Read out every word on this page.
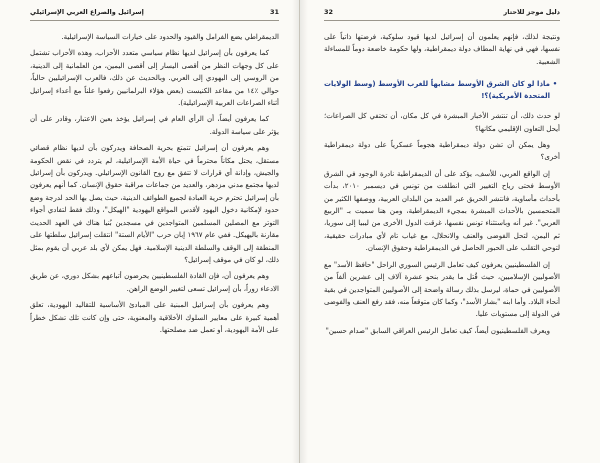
31
إسرائيل والصراع العربي الإسرائيلي

الديمقراطي يضع الفرامل والقيود والحدود على خيارات السياسة الإسرائيلية.

كما يعرفون بأن إسرائيل لديها نظام سياسي متعدد الأحزاب، وهذه الأحزاب تشتمل على كل وجهات النظر من أقصى اليسار إلى أقصى اليمين، من العلمانية إلى الدينية، من الروسي إلى اليهودي إلى العربي. وبالحديث عن ذلك، فالعرب الإسرائيليين حالياً، حوالي ٪١٤ من مقاعد الكنيست (بعض هؤلاء البرلمانيين رفعوا علناً مع أعداء إسرائيل أثناء الصراعات العربية الإسرائيلية).

كما يعرفون أيضاً، أن الرأي العام في إسرائيل يؤخذ بعين الاعتبار، وقادر على أن يؤثر على سياسة الدولة.

وهم يعرفون أن إسرائيل تتمتع بحرية الصحافة ويدركون بأن لديها نظام قضائي مستقل، يحتل مكاناً محترماً في حياة الأمة الإسرائيلية، لم يتردد في نقض الحكومة والجيش، وإدانة أي قرارات لا تتفق مع روح القانون الإسرائيلي. ويدركون بأن إسرائيل لديها مجتمع مدني مزدهر، والعديد من جماعات مراقبة حقوق الإنسان. كما أنهم يعرفون بأن إسرائيل تحترم حرية العبادة لجميع الطوائف الدينية، حيث يصل بها الحد لدرجة وضع حدود لإمكانية دخول اليهود لأقدس المواقع اليهودية "الهيكل"، وذلك فقط لتفادي أجواء التوتر مع المصلين المسلمين المتواجدين في مسجدين بُنيا هناك في العهد الحديث مقارنة باليهيكل. ففي عام ١٩٦٧ إبان حرب "الأيام الستة" انتقلت إسرائيل سلطتها على المنطقة إلى الوقف والسلطة الدينية الإسلامية. فهل يمكن لأي بلد عربي أن يقوم بمثل ذلك، لو كان في موقف إسرائيل؟

وهم يعرفون أن، فإن القادة الفلسطينيين يحرضون أتباعهم بشكل دوري، عن طريق الادعاء زوراً، بأن إسرائيل تسعى لتغيير الوضع الراهن.

وهم يعرفون بأن إسرائيل المبنية على المبادئ الأساسية للتقاليد اليهودية، تعلق أهمية كبيرة على معايير السلوك الأخلاقية والمعنوية، حتى وإن كانت تلك تشكل خطراً على الأمة اليهودية، أو تعمل ضد مصلحتها.

دليل موجز للاحتار
32

ونتيجة لذلك، فإنهم يعلمون أن إسرائيل لديها قيود سلوكية، فرضتها ذاتياً على نفسها، فهي في نهاية المطاف دولة ديمقراطية، ولها حكومة خاضعة دوماً للمساءلة الشعبية.

•
ماذا لو كان الشرق الأوسط مشابهاً للغرب الأوسط (وسط الولايات المتحدة الأمريكية)؟!

لو حدث ذلك، أن تنتشر الأخبار المبشرة في كل مكان، أن تختفي كل الصراعات؛ أيحل التعاون الإقليمي مكانها؟

وهل يمكن أن تشن دولة ديمقراطية هجوماً عسكرياً على دولة ديمقراطية أخرى؟

إن الواقع العربي، للأسف، يؤكد على أن الديمقراطية نادرة الوجود في الشرق الأوسط فحتى رياح التغيير التي انطلقت من تونس في ديسمبر ٢٠١٠، بدأت بأحداث مأساوية، فانتشر الحريق عبر العديد من البلدان العربية، ووصفها الكثير من المتحمسين بالأحداث المبشرة بمجيء الديمقراطية، ومن هنا سميت بـ "الربيع العربي". غير أنه وباستثناء تونس نفسها، غرقت الدول الأخرى من ليبيا إلى سوريا، ثم اليمن، لتحل الفوضى والعنف والانحلال، مع غياب تام لأي مبادرات حقيقية، لتوحي التقلب على الحبور الحاصل في الديمقراطية وحقوق الإنسان.

إن الفلسطينيين يعرفون كيف تعامل الرئيس السوري الراحل "حافظ الأسد" مع الأصوليين الإسلاميين، حيث قُتل ما يقدر بنحو عشرة آلاف إلى عشرين ألفاً من الأصوليين في حماة، ليرسل بذلك رسالة واضحة إلى الأصوليين المتواجدين في بقية أنحاء البلاد. وأما ابنه "بشار الأسد"، وكما كان متوقعاً منه، فقد رفع العنف والفوضى في الدولة إلى مستويات عليا.

ويعرف الفلسطينيون أيضاً، كيف تعامل الرئيس العراقي السابق "صدام حسين"
